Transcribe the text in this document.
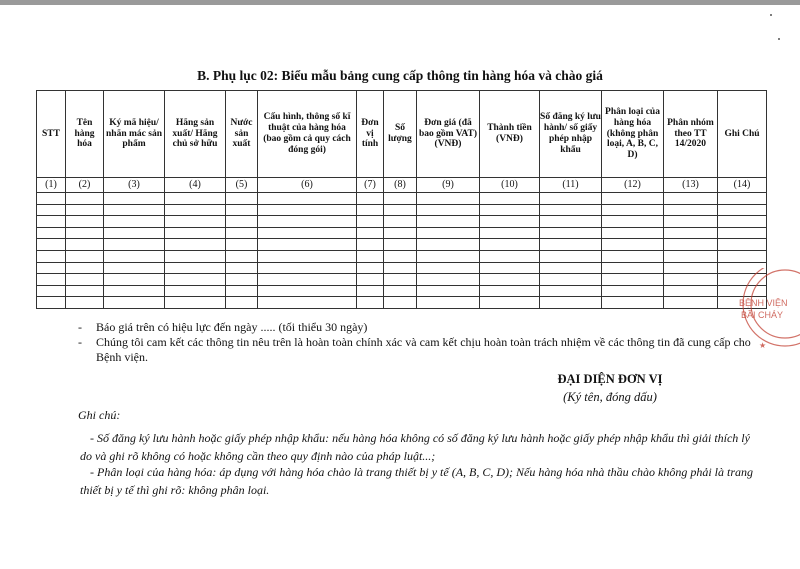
B. Phụ lục 02: Biểu mẫu bảng cung cấp thông tin hàng hóa và chào giá
STT	Tên hàng hóa	Ký mã hiệu/ nhãn mác sản phẩm	Hãng sản xuất/ Hãng chủ sở hữu	Nước sản xuất	Cấu hình, thông số kĩ thuật của hàng hóa (bao gồm cả quy cách đóng gói)	Đơn vị tính	Số lượng	Đơn giá (đã bao gồm VAT) (VNĐ)	Thành tiền (VNĐ)	Số đăng ký lưu hành/ số giấy phép nhập khẩu	Phân loại của hàng hóa (không phân loại, A, B, C, D)	Phân nhóm theo TT 14/2020	Ghi Chú
(1)	(2)	(3)	(4)	(5)	(6)	(7)	(8)	(9)	(10)	(11)	(12)	(13)	(14)

- Báo giá trên có hiệu lực đến ngày ..... (tối thiểu 30 ngày)
- Chúng tôi cam kết các thông tin nêu trên là hoàn toàn chính xác và cam kết chịu hoàn toàn trách nhiệm về các thông tin đã cung cấp cho Bệnh viện.
ĐẠI DIỆN ĐƠN VỊ
(Ký tên, đóng dấu)
Ghi chú:
- Số đăng ký lưu hành hoặc giấy phép nhập khẩu: nếu hàng hóa không có số đăng ký lưu hành hoặc giấy phép nhập khẩu thì giải thích lý do và ghi rõ không có hoặc không cần theo quy định nào của pháp luật...;
- Phân loại của hàng hóa: áp dụng với hàng hóa chào là trang thiết bị y tế (A, B, C, D); Nếu hàng hóa nhà thầu chào không phải là trang thiết bị y tế thì ghi rõ: không phân loại.
BỆNH VIỆN
BÃI CHÁY
★
